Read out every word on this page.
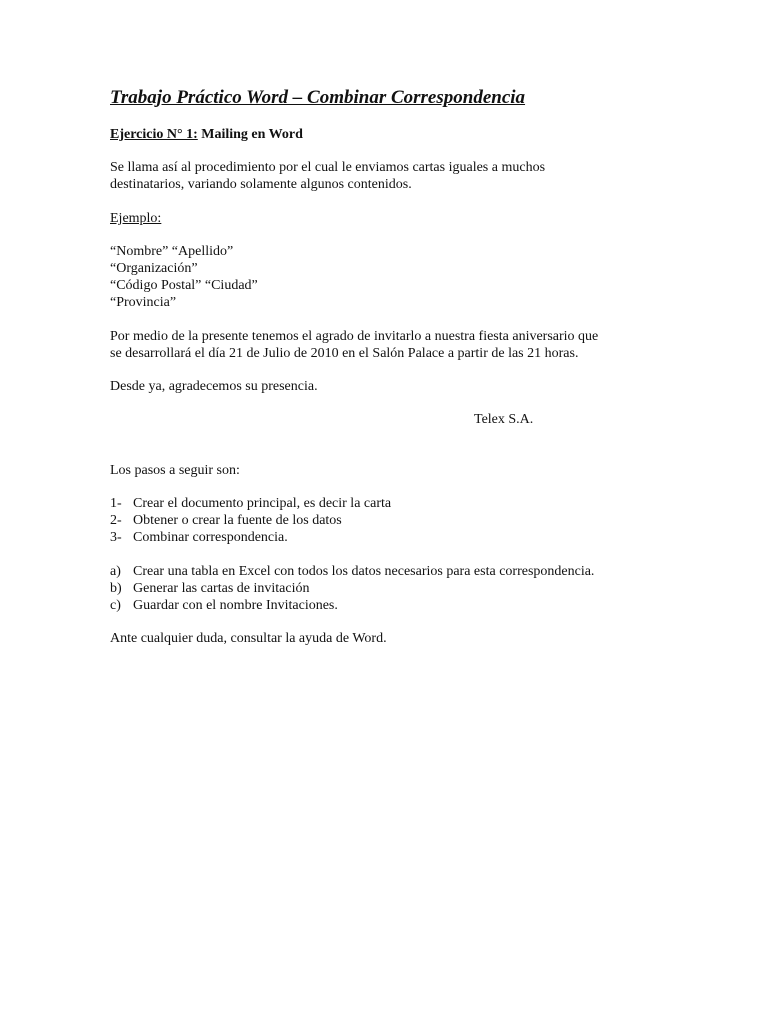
Trabajo Práctico Word – Combinar Correspondencia
Ejercicio N° 1: Mailing en Word
Se llama así al procedimiento por el cual le enviamos cartas iguales a muchos
destinatarios, variando solamente algunos contenidos.
Ejemplo:
“Nombre” “Apellido”
“Organización”
“Código Postal” “Ciudad”
“Provincia”
Por medio de la presente tenemos el agrado de invitarlo a nuestra fiesta aniversario que
se desarrollará el día 21 de Julio de 2010 en el Salón Palace a partir de las 21 horas.
Desde ya, agradecemos su presencia.
Telex S.A.
Los pasos a seguir son:
1- Crear el documento principal, es decir la carta
2- Obtener o crear la fuente de los datos
3- Combinar correspondencia.
a) Crear una tabla en Excel con todos los datos necesarios para esta correspondencia.
b) Generar las cartas de invitación
c) Guardar con el nombre Invitaciones.
Ante cualquier duda, consultar la ayuda de Word.
